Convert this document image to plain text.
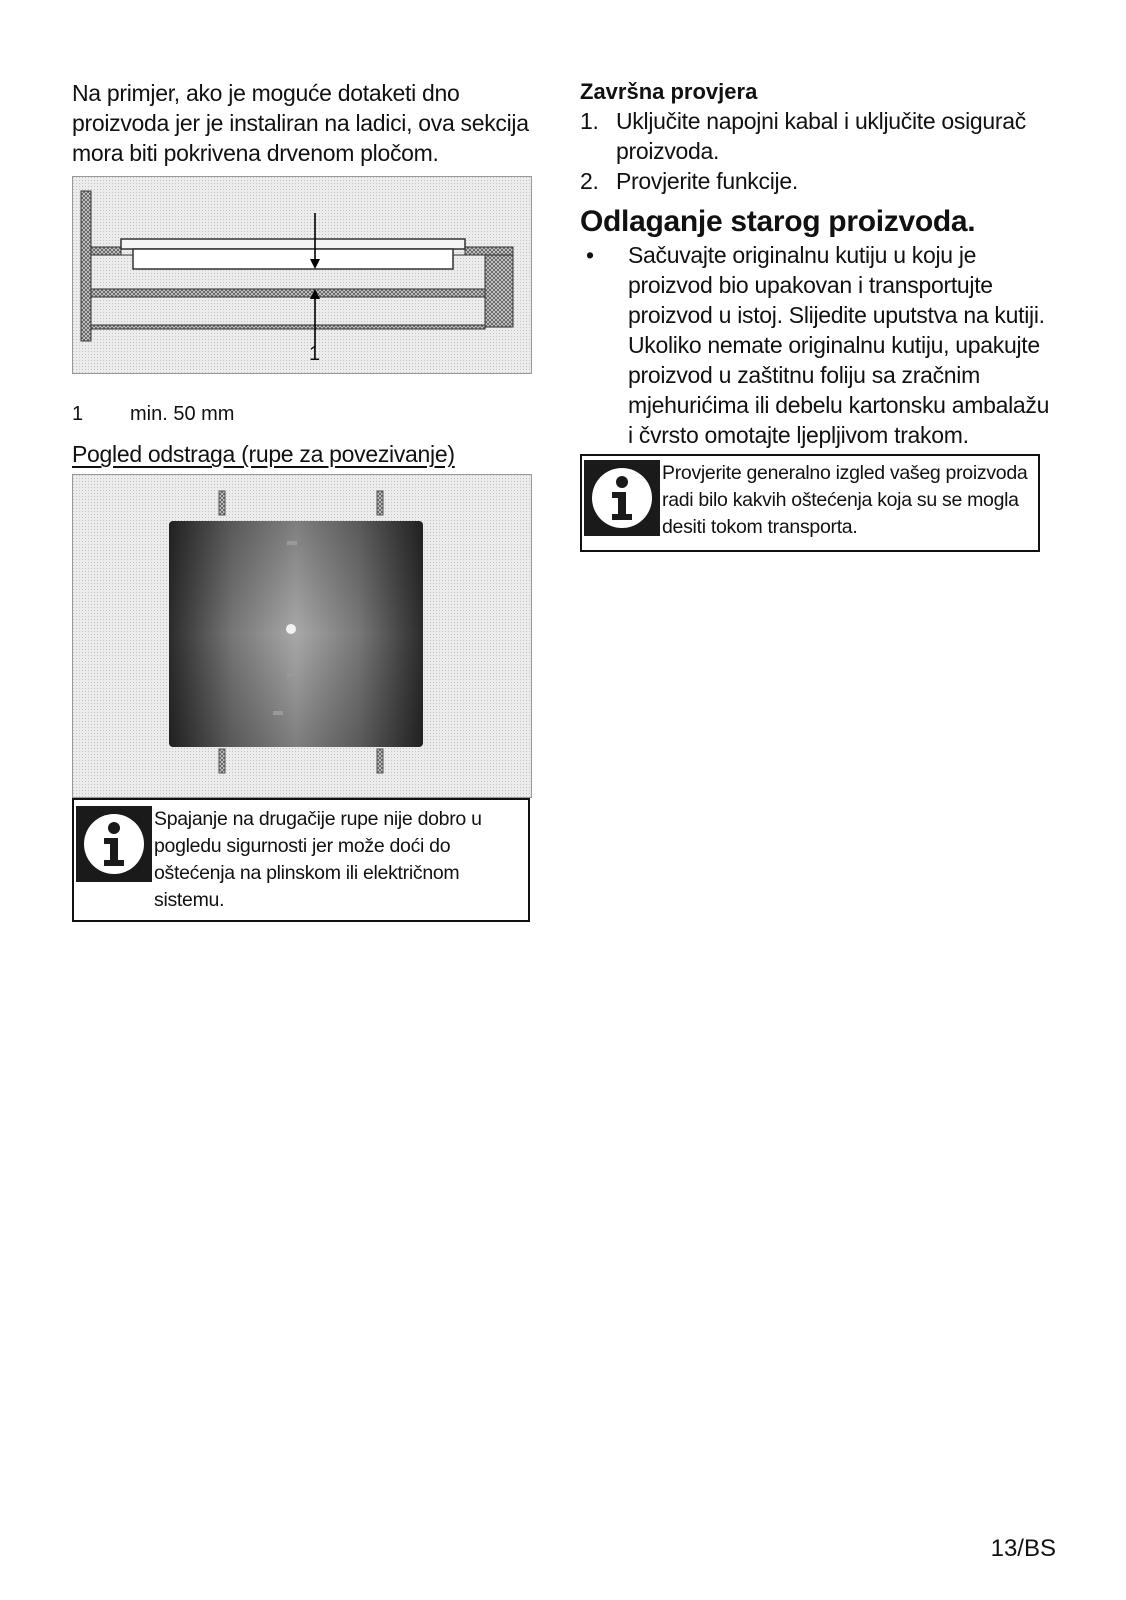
Na primjer, ako je moguće dotaketi dno proizvoda jer je instaliran na ladici, ova sekcija mora biti pokrivena drvenom pločom.

1
1	min. 50 mm

Pogled odstraga (rupe za povezivanje)

Spajanje na drugačije rupe nije dobro u pogledu sigurnosti jer može doći do oštećenja na plinskom ili električnom sistemu.

Završna provjera
1. Uključite napojni kabal i uključite osigurač proizvoda.
2. Provjerite funkcije.
Odlaganje starog proizvoda.
•	Sačuvajte originalnu kutiju u koju je proizvod bio upakovan i transportujte proizvod u istoj. Slijedite uputstva na kutiji. Ukoliko nemate originalnu kutiju, upakujte proizvod u zaštitnu foliju sa zračnim mjehurićima ili debelu kartonsku ambalažu i čvrsto omotajte ljepljivom trakom.

Provjerite generalno izgled vašeg proizvoda radi bilo kakvih oštećenja koja su se mogla desiti tokom transporta.

13/BS
